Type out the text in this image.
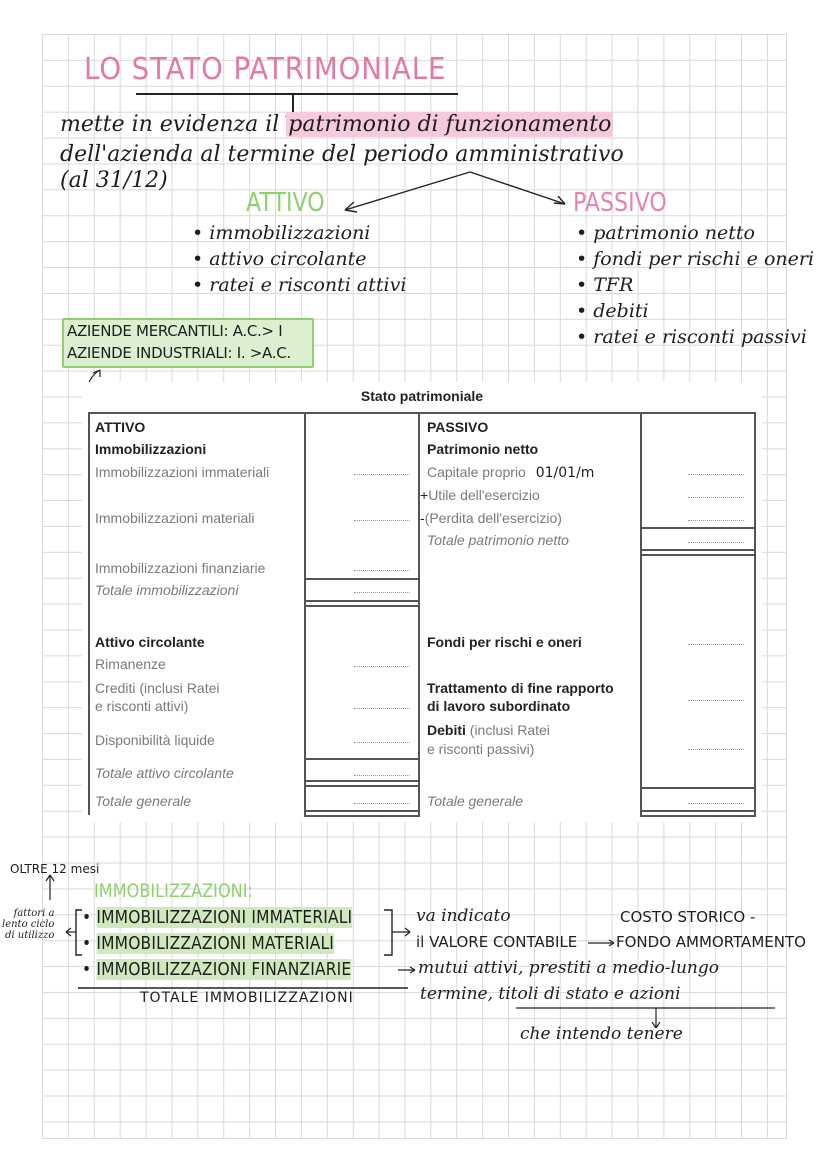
LO STATO PATRIMONIALE
mette in evidenza il patrimonio di funzionamento
dell'azienda al termine del periodo amministrativo
(al 31/12)
ATTIVO	PASSIVO
• immobilizzazioni
• attivo circolante
• ratei e risconti attivi
• patrimonio netto
• fondi per rischi e oneri
• TFR
• debiti
• ratei e risconti passivi
AZIENDE MERCANTILI: A.C.> I
AZIENDE INDUSTRIALI: I. >A.C.
Stato patrimoniale
ATTIVO
Immobilizzazioni
Immobilizzazioni immateriali
Immobilizzazioni materiali
Immobilizzazioni finanziarie
Totale immobilizzazioni
Attivo circolante
Rimanenze
Crediti (inclusi Ratei
e risconti attivi)
Disponibilità liquide
Totale attivo circolante
Totale generale
PASSIVO
Patrimonio netto
Capitale proprio 01/01/m
+Utile dell'esercizio
-(Perdita dell'esercizio)
Totale patrimonio netto
Fondi per rischi e oneri
Trattamento di fine rapporto
di lavoro subordinato
Debiti (inclusi Ratei
e risconti passivi)
Totale generale
OLTRE 12 mesi
IMMOBILIZZAZIONI:
fattori a
lento ciclo
di utilizzo
• IMMOBILIZZAZIONI IMMATERIALI
• IMMOBILIZZAZIONI MATERIALI
• IMMOBILIZZAZIONI FINANZIARIE
TOTALE IMMOBILIZZAZIONI
va indicato	COSTO STORICO -
il VALORE CONTABILE	FONDO AMMORTAMENTO
mutui attivi, prestiti a medio-lungo
termine, titoli di stato e azioni
che intendo tenere
